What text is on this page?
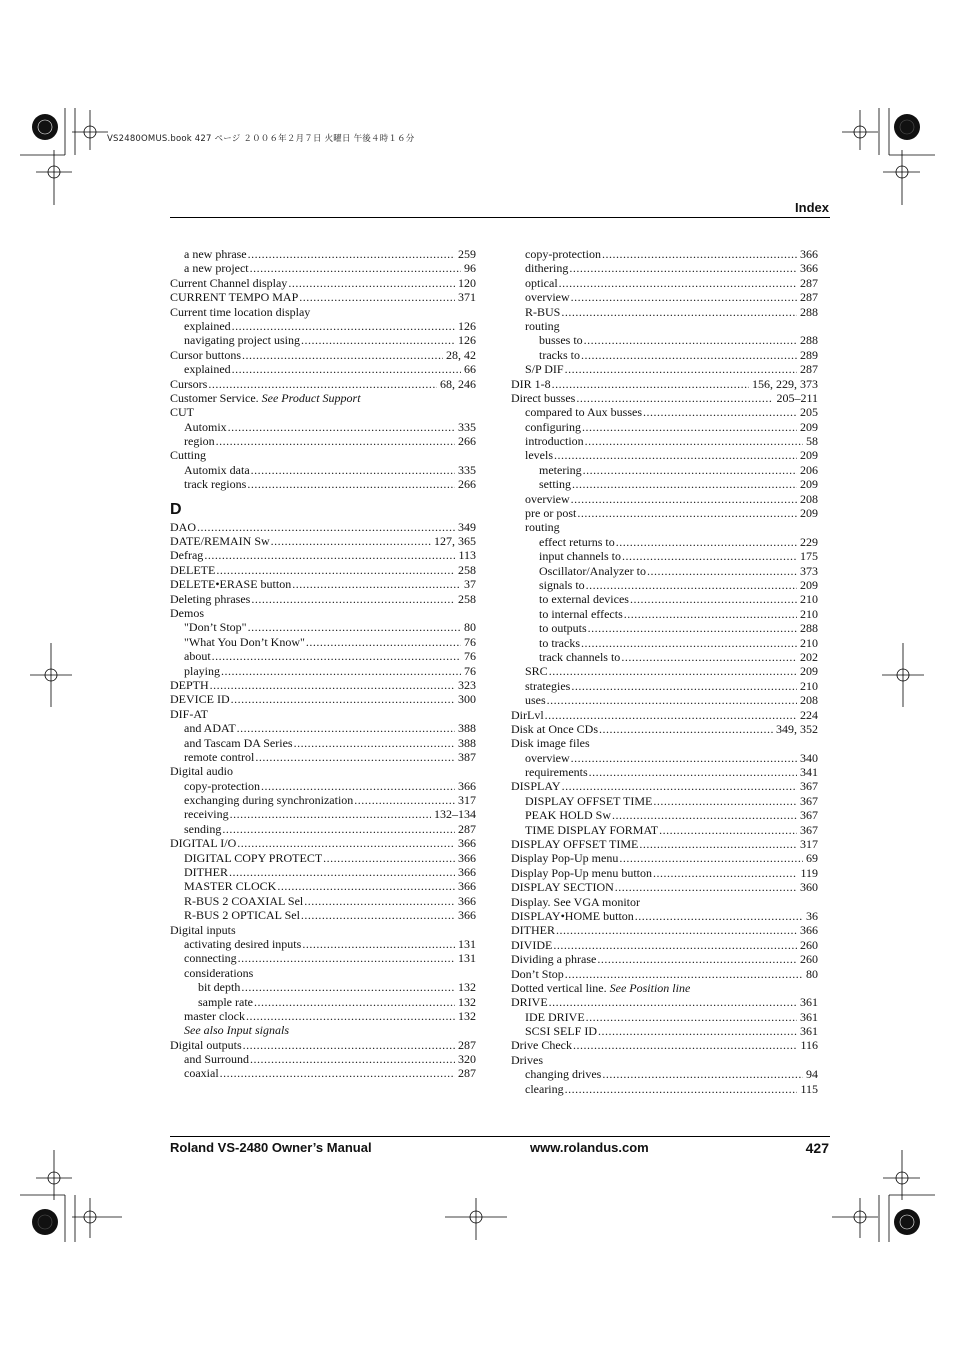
VS2480OMUS.book 427 ページ ２００６年２月７日 火曜日 午後４時１６分
Index
a new phrase .....	259
a new project .....	96
Current Channel display .....	120
CURRENT TEMPO MAP .....	371
Current time location display
explained .....	126
navigating project using .....	126
Cursor buttons .....	28, 42
explained .....	66
Cursors .....	68, 246
Customer Service. See Product Support
CUT
Automix .....	335
region .....	266
Cutting
Automix data .....	335
track regions .....	266
D
DAO .....	349
DATE/REMAIN Sw .....	127, 365
Defrag .....	113
DELETE .....	258
DELETE•ERASE button .....	37
Deleting phrases .....	258
Demos
"Don’t Stop" .....	80
"What You Don’t Know" .....	76
about .....	76
playing .....	76
DEPTH .....	323
DEVICE ID .....	300
DIF-AT
and ADAT .....	388
and Tascam DA Series .....	388
remote control .....	387
Digital audio
copy-protection .....	366
exchanging during synchronization .....	317
receiving .....	132–134
sending .....	287
DIGITAL I/O .....	366
DIGITAL COPY PROTECT .....	366
DITHER .....	366
MASTER CLOCK .....	366
R-BUS 2 COAXIAL Sel .....	366
R-BUS 2 OPTICAL Sel .....	366
Digital inputs
activating desired inputs .....	131
connecting .....	131
considerations
bit depth .....	132
sample rate .....	132
master clock .....	132
See also Input signals
Digital outputs .....	287
and Surround .....	320
coaxial .....	287
copy-protection .....	366
dithering .....	366
optical .....	287
overview .....	287
R-BUS .....	288
routing
busses to .....	288
tracks to .....	289
S/P DIF .....	287
DIR 1-8 .....	156, 229, 373
Direct busses .....	205–211
compared to Aux busses .....	205
configuring .....	209
introduction .....	58
levels .....	209
metering .....	206
setting .....	209
overview .....	208
pre or post .....	209
routing
effect returns to .....	229
input channels to .....	175
Oscillator/Analyzer to .....	373
signals to .....	209
to external devices .....	210
to internal effects .....	210
to outputs .....	288
to tracks .....	210
track channels to .....	202
SRC .....	209
strategies .....	210
uses .....	208
DirLvl .....	224
Disk at Once CDs .....	349, 352
Disk image files
overview .....	340
requirements .....	341
DISPLAY .....	367
DISPLAY OFFSET TIME .....	367
PEAK HOLD Sw .....	367
TIME DISPLAY FORMAT .....	367
DISPLAY OFFSET TIME .....	317
Display Pop-Up menu .....	69
Display Pop-Up menu button .....	119
DISPLAY SECTION .....	360
Display. See VGA monitor
DISPLAY•HOME button .....	36
DITHER .....	366
DIVIDE .....	260
Dividing a phrase .....	260
Don’t Stop .....	80
Dotted vertical line. See Position line
DRIVE .....	361
IDE DRIVE .....	361
SCSI SELF ID .....	361
Drive Check .....	116
Drives
changing drives .....	94
clearing .....	115
Roland VS-2480 Owner’s Manual	www.rolandus.com	427
